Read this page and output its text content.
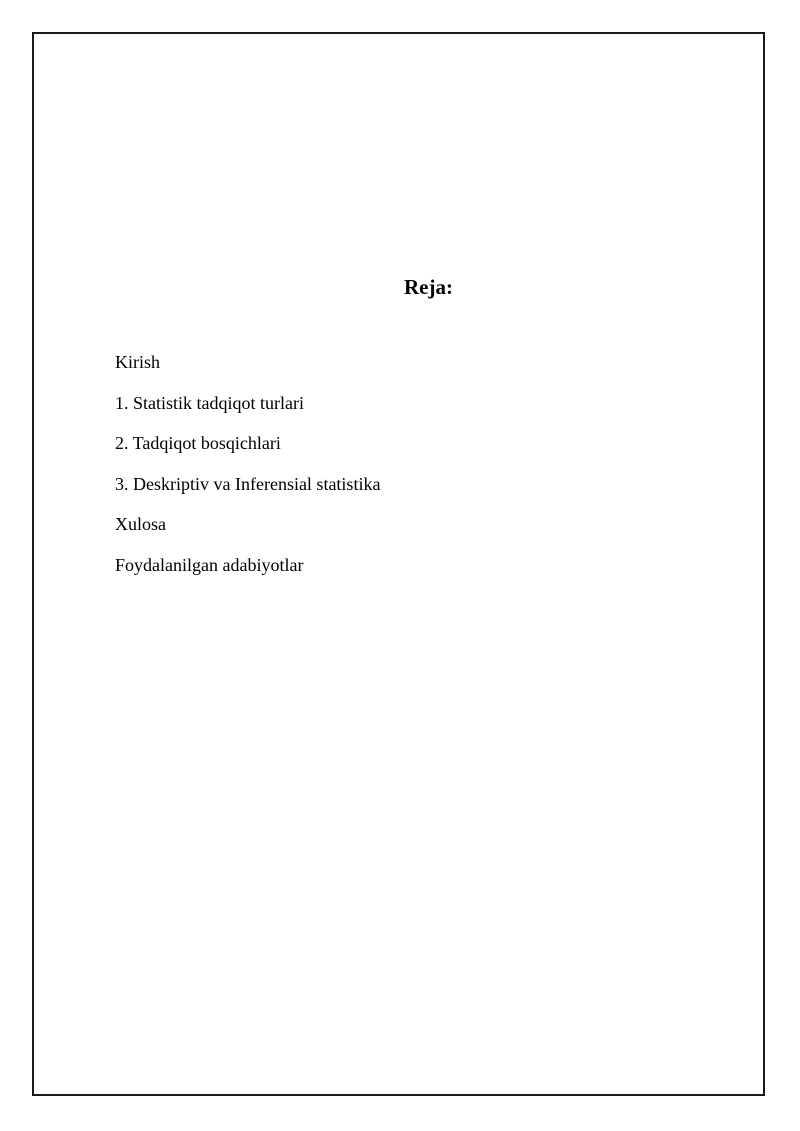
Reja:
Kirish
1. Statistik tadqiqot turlari
2. Tadqiqot bosqichlari
3. Deskriptiv va Inferensial statistika
Xulosa
Foydalanilgan adabiyotlar
